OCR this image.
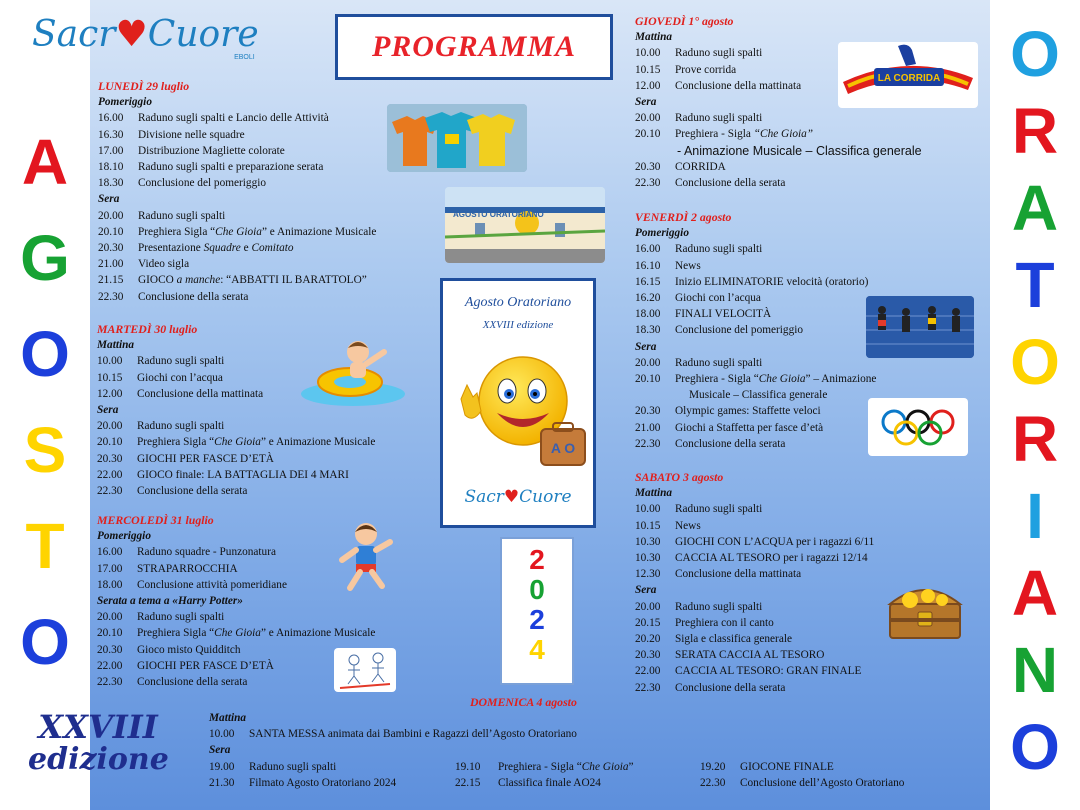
A
G
O
S
T
O
O
R
A
T
O
R
I
A
N
O
Sacr♥Cuore
EBOLI
XXVIII
edizione
PROGRAMMA
LUNEDÌ 29 luglio
Pomeriggio
16.00 Raduno sugli spalti e Lancio delle Attività
16.30 Divisione nelle squadre
17.00 Distribuzione Magliette colorate
18.10 Raduno sugli spalti e preparazione serata
18.30 Conclusione del pomeriggio
Sera
20.00 Raduno sugli spalti
20.10 Preghiera Sigla “Che Gioia” e Animazione Musicale
20.30 Presentazione Squadre e Comitato
21.00 Video sigla
21.15 GIOCO a manche: “ABBATTI IL BARATTOLO”
22.30 Conclusione della serata
MARTEDÌ 30 luglio
Mattina
10.00 Raduno sugli spalti
10.15 Giochi con l’acqua
12.00 Conclusione della mattinata
Sera
20.00 Raduno sugli spalti
20.10 Preghiera Sigla “Che Gioia” e Animazione Musicale
20.30 GIOCHI PER FASCE D’ETÀ
22.00 GIOCO finale: LA BATTAGLIA DEI 4 MARI
22.30 Conclusione della serata
MERCOLEDÌ 31 luglio
Pomeriggio
16.00 Raduno squadre - Punzonatura
17.00 STRAPARROCCHIA
18.00 Conclusione attività pomeridiane
Serata a tema a «Harry Potter»
20.00 Raduno sugli spalti
20.10 Preghiera Sigla “Che Gioia” e Animazione Musicale
20.30 Gioco misto Quidditch
22.00 GIOCHI PER FASCE D’ETÀ
22.30 Conclusione della serata
GIOVEDÌ 1° agosto
Mattina
10.00 Raduno sugli spalti
10.15 Prove corrida
12.00 Conclusione della mattinata
Sera
20.00 Raduno sugli spalti
20.10 Preghiera - Sigla “Che Gioia”
- Animazione Musicale – Classifica generale
20.30 CORRIDA
22.30 Conclusione della serata
VENERDÌ 2 agosto
Pomeriggio
16.00 Raduno sugli spalti
16.10 News
16.15 Inizio ELIMINATORIE velocità (oratorio)
16.20 Giochi con l’acqua
18.00 FINALI VELOCITÀ
18.30 Conclusione del pomeriggio
Sera
20.00 Raduno sugli spalti
20.10 Preghiera - Sigla “Che Gioia” – Animazione
Musicale – Classifica generale
20.30 Olympic games: Staffette veloci
21.00 Giochi a Staffetta per fasce d’età
22.30 Conclusione della serata
SABATO 3 agosto
Mattina
10.00 Raduno sugli spalti
10.15 News
10.30 GIOCHI CON L’ACQUA per i ragazzi 6/11
10.30 CACCIA AL TESORO per i ragazzi 12/14
12.30 Conclusione della mattinata
Sera
20.00 Raduno sugli spalti
20.15 Preghiera con il canto
20.20 Sigla e classifica generale
20.30 SERATA CACCIA AL TESORO
22.00 CACCIA AL TESORO: GRAN FINALE
22.30 Conclusione della serata
DOMENICA 4 agosto
Mattina
10.00 SANTA MESSA animata dai Bambini e Ragazzi dell’Agosto Oratoriano
Sera
19.00 Raduno sugli spalti
21.30 Filmato Agosto Oratoriano 2024
19.10 Preghiera - Sigla “Che Gioia”
22.15 Classifica finale AO24
19.20 GIOCONE FINALE
22.30 Conclusione dell’Agosto Oratoriano
AGOSTO ORATORIANO
Agosto Oratoriano
XXVIII edizione
A O
Sacr♥Cuore
2
0
2
4
LA CORRIDA
